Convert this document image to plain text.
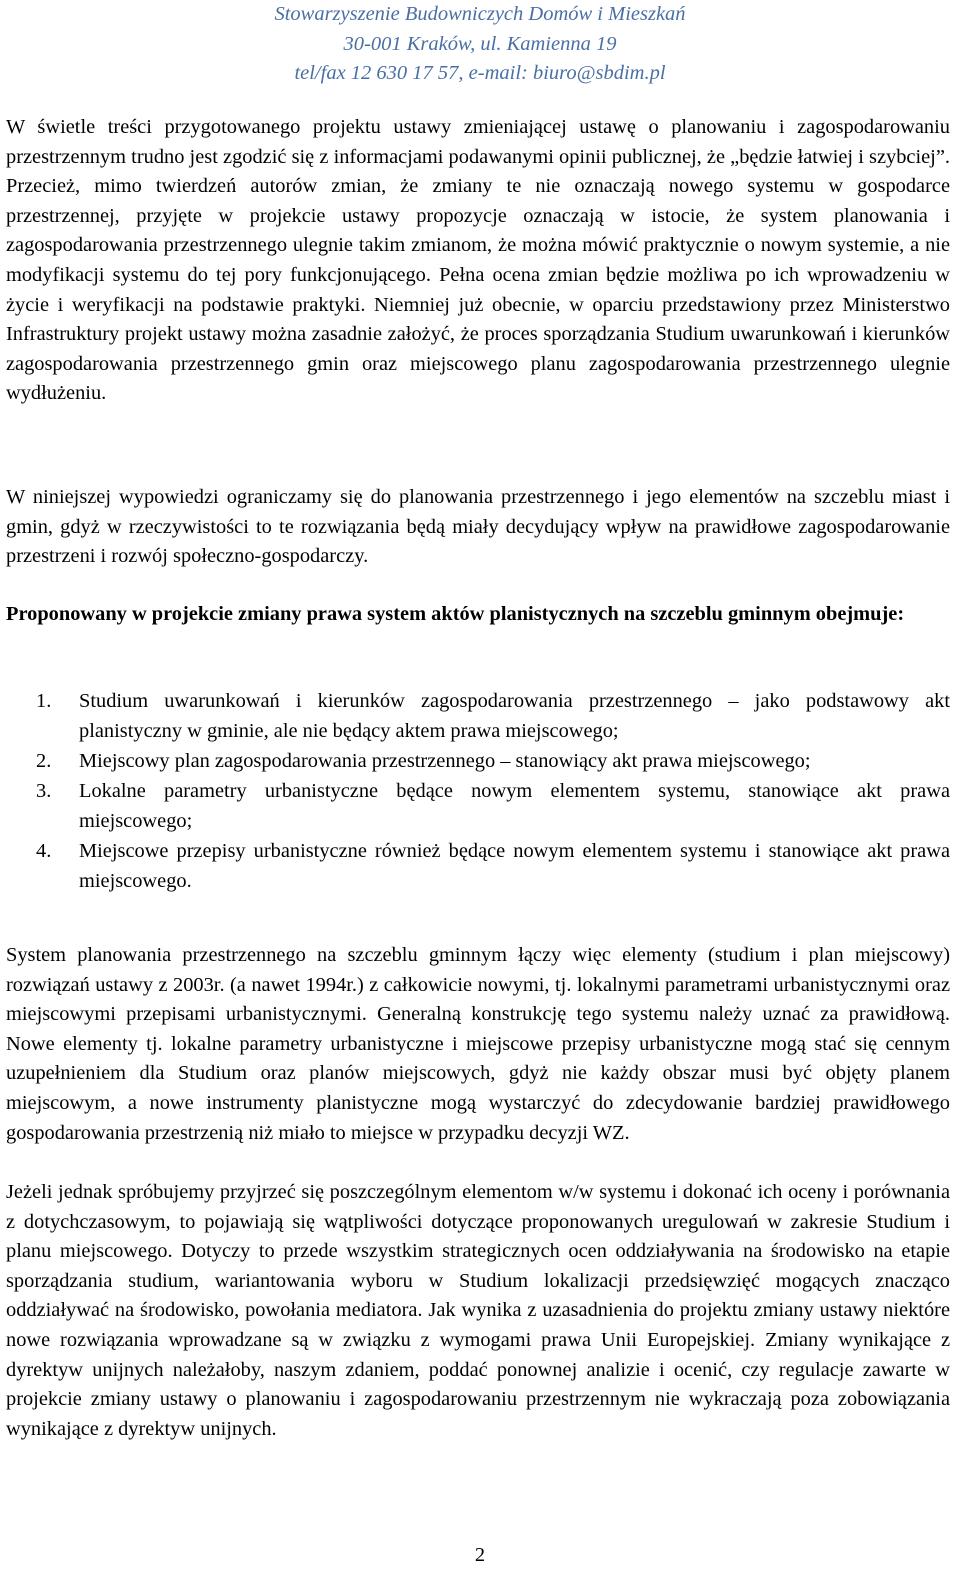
Stowarzyszenie Budowniczych Domów i Mieszkań
30-001 Kraków, ul. Kamienna 19
tel/fax 12 630 17 57, e-mail: biuro@sbdim.pl
W świetle treści przygotowanego projektu ustawy zmieniającej ustawę o planowaniu i zagospodarowaniu przestrzennym trudno jest zgodzić się z informacjami podawanymi opinii publicznej, że „będzie łatwiej i szybciej”. Przecież, mimo twierdzeń autorów zmian, że zmiany te nie oznaczają nowego systemu w gospodarce przestrzennej, przyjęte w projekcie ustawy propozycje oznaczają w istocie, że system planowania i zagospodarowania przestrzennego ulegnie takim zmianom, że można mówić praktycznie o nowym systemie, a nie modyfikacji systemu do tej pory funkcjonującego. Pełna ocena zmian będzie możliwa po ich wprowadzeniu w życie i weryfikacji na podstawie praktyki. Niemniej już obecnie, w oparciu przedstawiony przez Ministerstwo Infrastruktury projekt ustawy można zasadnie założyć, że proces sporządzania Studium uwarunkowań i kierunków zagospodarowania przestrzennego gmin oraz miejscowego planu zagospodarowania przestrzennego ulegnie wydłużeniu.
W niniejszej wypowiedzi ograniczamy się do planowania przestrzennego i jego elementów na szczeblu miast i gmin, gdyż w rzeczywistości to te rozwiązania będą miały decydujący wpływ na prawidłowe zagospodarowanie przestrzeni i rozwój społeczno-gospodarczy.
Proponowany w projekcie zmiany prawa system aktów planistycznych na szczeblu gminnym obejmuje:
1. Studium uwarunkowań i kierunków zagospodarowania przestrzennego – jako podstawowy akt planistyczny w gminie, ale nie będący aktem prawa miejscowego;
2. Miejscowy plan zagospodarowania przestrzennego – stanowiący akt prawa miejscowego;
3. Lokalne parametry urbanistyczne będące nowym elementem systemu, stanowiące akt prawa miejscowego;
4. Miejscowe przepisy urbanistyczne również będące nowym elementem systemu i stanowiące akt prawa miejscowego.
System planowania przestrzennego na szczeblu gminnym łączy więc elementy (studium i plan miejscowy) rozwiązań ustawy z 2003r. (a nawet 1994r.) z całkowicie nowymi, tj. lokalnymi parametrami urbanistycznymi oraz miejscowymi przepisami urbanistycznymi. Generalną konstrukcję tego systemu należy uznać za prawidłową. Nowe elementy tj. lokalne parametry urbanistyczne i miejscowe przepisy urbanistyczne mogą stać się cennym uzupełnieniem dla Studium oraz planów miejscowych, gdyż nie każdy obszar musi być objęty planem miejscowym, a nowe instrumenty planistyczne mogą wystarczyć do zdecydowanie bardziej prawidłowego gospodarowania przestrzenią niż miało to miejsce w przypadku decyzji WZ.
Jeżeli jednak spróbujemy przyjrzeć się poszczególnym elementom w/w systemu i dokonać ich oceny i porównania z dotychczasowym, to pojawiają się wątpliwości dotyczące proponowanych uregulowań w zakresie Studium i planu miejscowego. Dotyczy to przede wszystkim strategicznych ocen oddziaływania na środowisko na etapie sporządzania studium, wariantowania wyboru w Studium lokalizacji przedsięwzięć mogących znacząco oddziaływać na środowisko, powołania mediatora. Jak wynika z uzasadnienia do projektu zmiany ustawy niektóre nowe rozwiązania wprowadzane są w związku z wymogami prawa Unii Europejskiej. Zmiany wynikające z dyrektyw unijnych należałoby, naszym zdaniem, poddać ponownej analizie i ocenić, czy regulacje zawarte w projekcie zmiany ustawy o planowaniu i zagospodarowaniu przestrzennym nie wykraczają poza zobowiązania wynikające z dyrektyw unijnych.
2
